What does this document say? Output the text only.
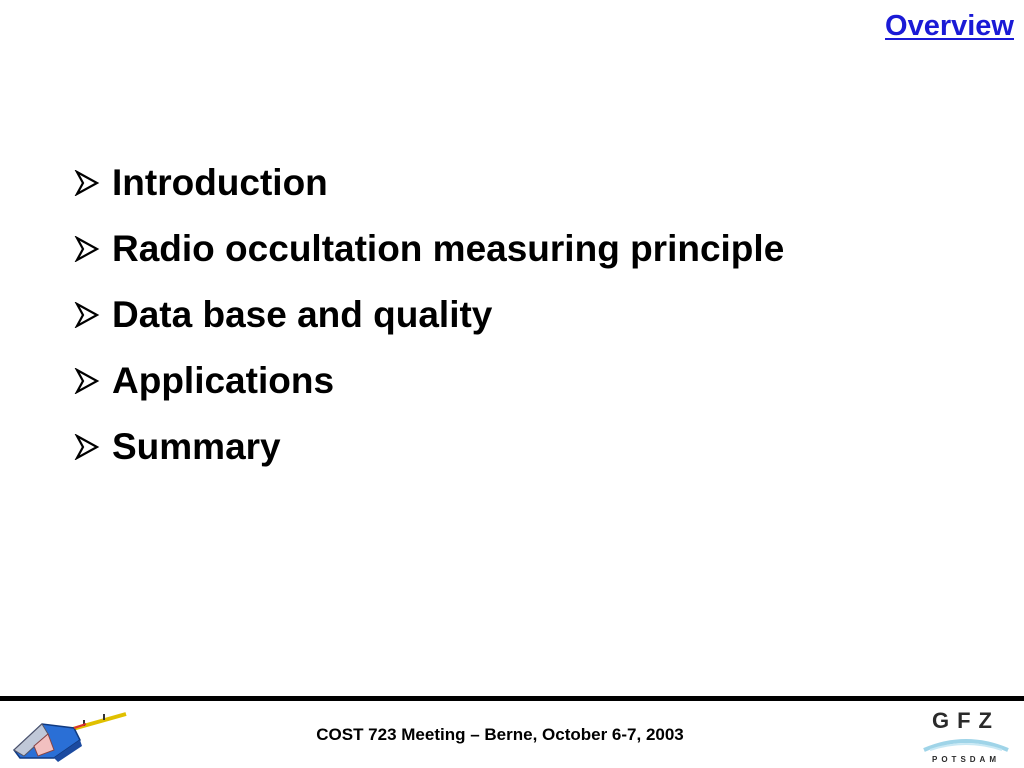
Overview
Introduction
Radio occultation measuring principle
Data base and quality
Applications
Summary
COST 723 Meeting – Berne, October 6-7, 2003
GFZ
POTSDAM
